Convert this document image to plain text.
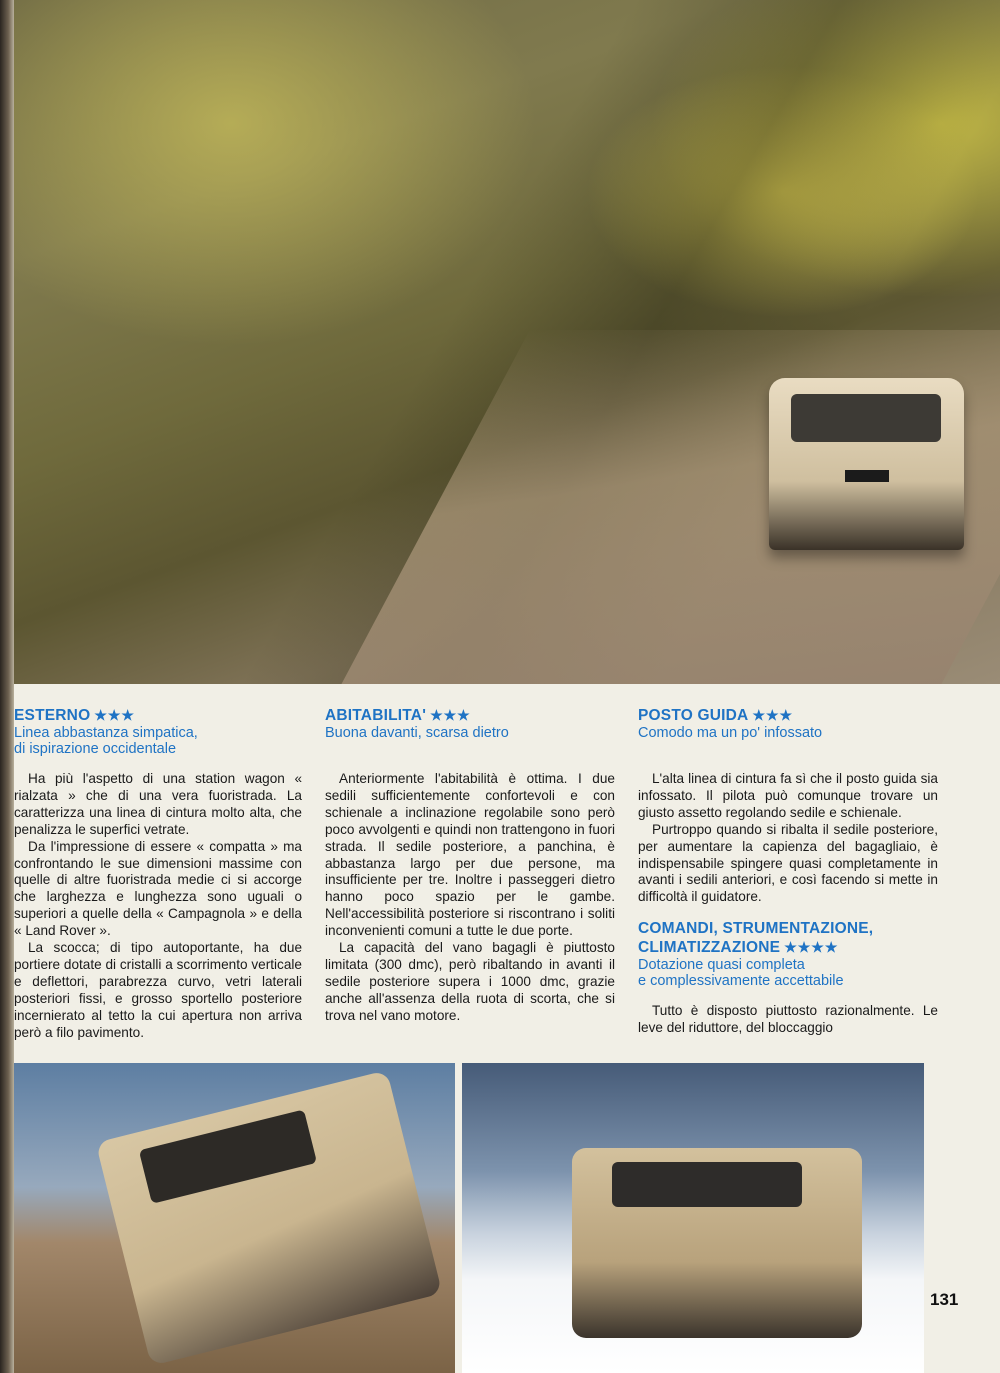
ESTERNO ★★★
Linea abbastanza simpatica,
di ispirazione occidentale

Ha più l'aspetto di una station wagon « rialzata » che di una vera fuoristrada. La caratterizza una linea di cintura molto alta, che penalizza le superfici vetrate.

Da l'impressione di essere « compatta » ma confrontando le sue dimensioni massime con quelle di altre fuoristrada medie ci si accorge che larghezza e lunghezza sono uguali o superiori a quelle della « Campagnola » e della « Land Rover ».

La scocca; di tipo autoportante, ha due portiere dotate di cristalli a scorrimento verticale e deflettori, parabrezza curvo, vetri laterali posteriori fissi, e grosso sportello posteriore incernierato al tetto la cui apertura non arriva però a filo pavimento.

ABITABILITA' ★★★
Buona davanti, scarsa dietro

Anteriormente l'abitabilità è ottima. I due sedili sufficientemente confortevoli e con schienale a inclinazione regolabile sono però poco avvolgenti e quindi non trattengono in fuori strada. Il sedile posteriore, a panchina, è abbastanza largo per due persone, ma insufficiente per tre. Inoltre i passeggeri dietro hanno poco spazio per le gambe. Nell'accessibilità posteriore si riscontrano i soliti inconvenienti comuni a tutte le due porte.

La capacità del vano bagagli è piuttosto limitata (300 dmc), però ribaltando in avanti il sedile posteriore supera i 1000 dmc, grazie anche all'assenza della ruota di scorta, che si trova nel vano motore.

POSTO GUIDA ★★★
Comodo ma un po' infossato

L'alta linea di cintura fa sì che il posto guida sia infossato. Il pilota può comunque trovare un giusto assetto regolando sedile e schienale.

Purtroppo quando si ribalta il sedile posteriore, per aumentare la capienza del bagagliaio, è indispensabile spingere quasi completamente in avanti i sedili anteriori, e così facendo si mette in difficoltà il guidatore.

COMANDI, STRUMENTAZIONE,
CLIMATIZZAZIONE ★★★★
Dotazione quasi completa
e complessivamente accettabile

Tutto è disposto piuttosto razionalmente. Le leve del riduttore, del bloccaggio

131
